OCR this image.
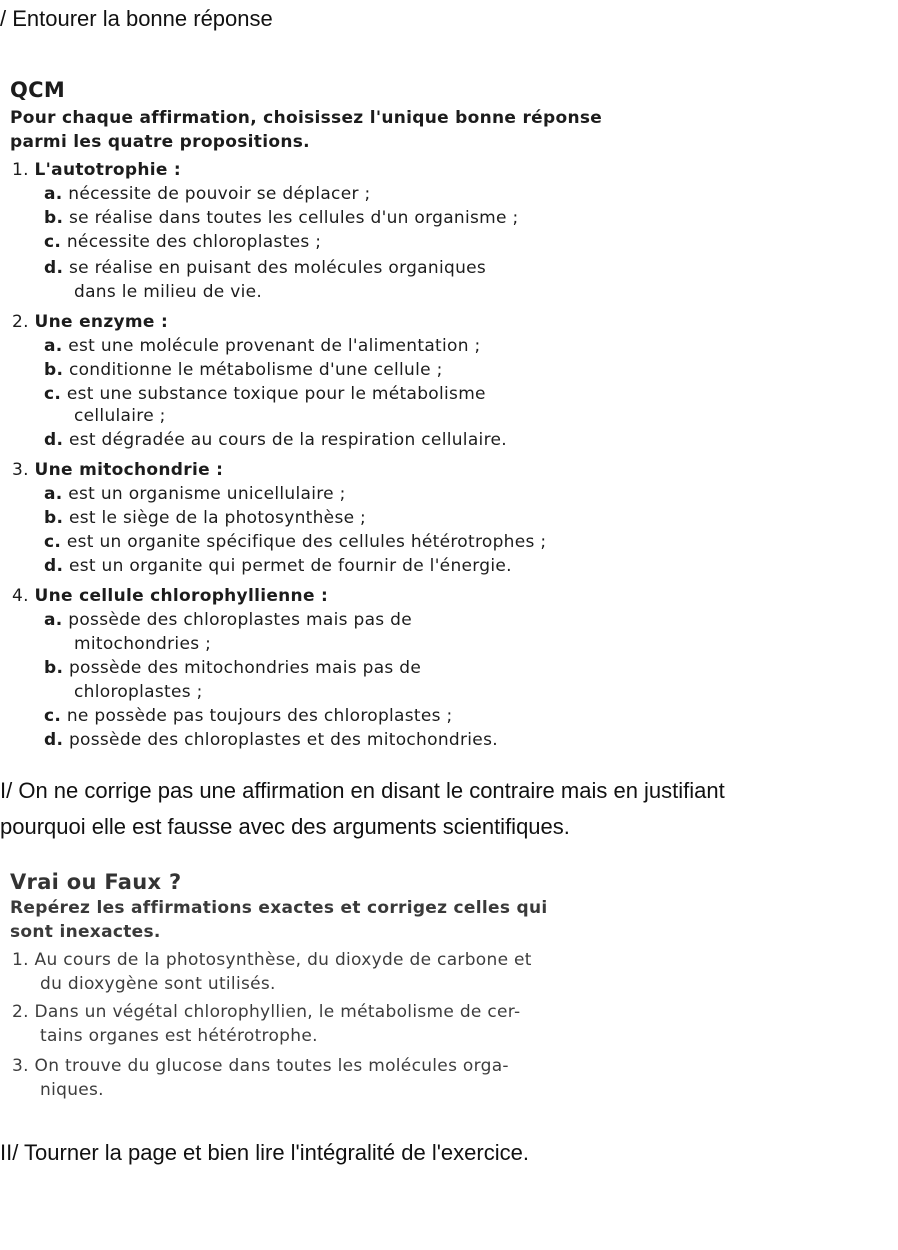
/ Entourer la bonne réponse
QCM
Pour chaque affirmation, choisissez l'unique bonne réponse
parmi les quatre propositions.
1. L'autotrophie :
a. nécessite de pouvoir se déplacer ;
b. se réalise dans toutes les cellules d'un organisme ;
c. nécessite des chloroplastes ;
d. se réalise en puisant des molécules organiques
dans le milieu de vie.
2. Une enzyme :
a. est une molécule provenant de l'alimentation ;
b. conditionne le métabolisme d'une cellule ;
c. est une substance toxique pour le métabolisme
cellulaire ;
d. est dégradée au cours de la respiration cellulaire.
3. Une mitochondrie :
a. est un organisme unicellulaire ;
b. est le siège de la photosynthèse ;
c. est un organite spécifique des cellules hétérotrophes ;
d. est un organite qui permet de fournir de l'énergie.
4. Une cellule chlorophyllienne :
a. possède des chloroplastes mais pas de
mitochondries ;
b. possède des mitochondries mais pas de
chloroplastes ;
c. ne possède pas toujours des chloroplastes ;
d. possède des chloroplastes et des mitochondries.
I/ On ne corrige pas une affirmation en disant le contraire mais en justifiant
pourquoi elle est fausse avec des arguments scientifiques.
Vrai ou Faux ?
Repérez les affirmations exactes et corrigez celles qui
sont inexactes.
1. Au cours de la photosynthèse, du dioxyde de carbone et
du dioxygène sont utilisés.
2. Dans un végétal chlorophyllien, le métabolisme de cer-
tains organes est hétérotrophe.
3. On trouve du glucose dans toutes les molécules orga-
niques.
II/ Tourner la page et bien lire l'intégralité de l'exercice.
